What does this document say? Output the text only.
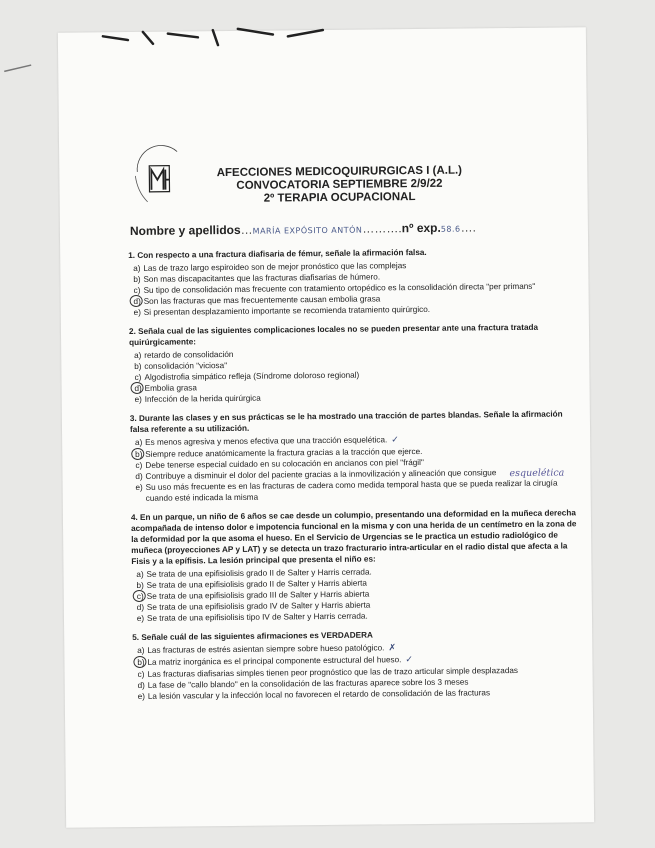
AFECCIONES MEDICOQUIRURGICAS I (A.L.)
CONVOCATORIA SEPTIEMBRE 2/9/22
2º TERAPIA OCUPACIONAL
Nombre y apellidos…MARÍA EXPÓSITO ANTÓN……….nº exp.58.6….
esquelética
1. Con respecto a una fractura diafisaria de fémur, señale la afirmación falsa.
a) Las de trazo largo espiroideo son de mejor pronóstico que las complejas
b) Son mas discapacitantes que las fracturas diafisarias de húmero.
c) Su tipo de consolidación mas frecuente con tratamiento ortopédico es la consolidación directa "per primans"
d) Son las fracturas que mas frecuentemente causan embolia grasa
e) Si presentan desplazamiento importante se recomienda tratamiento quirúrgico.
2. Señala cual de las siguientes complicaciones locales no se pueden presentar ante una fractura tratada quirúrgicamente:
a) retardo de consolidación
b) consolidación "viciosa"
c) Algodistrofia simpático refleja (Síndrome doloroso regional)
d) Embolia grasa
e) Infección de la herida quirúrgica
3. Durante las clases y en sus prácticas se le ha mostrado una tracción de partes blandas. Señale la afirmación falsa referente a su utilización.
a) Es menos agresiva y menos efectiva que una tracción esquelética. ✓
b) Siempre reduce anatómicamente la fractura gracias a la tracción que ejerce.
c) Debe tenerse especial cuidado en su colocación en ancianos con piel "frágil"
d) Contribuye a disminuir el dolor del paciente gracias a la inmovilización y alineación que consigue
e) Su uso más frecuente es en las fracturas de cadera como medida temporal hasta que se pueda realizar la cirugía cuando esté indicada la misma
4. En un parque, un niño de 6 años se cae desde un columpio, presentando una deformidad en la muñeca derecha acompañada de intenso dolor e impotencia funcional en la misma y con una herida de un centímetro en la zona de la deformidad por la que asoma el hueso. En el Servicio de Urgencias se le practica un estudio radiológico de muñeca (proyecciones AP y LAT) y se detecta un trazo fracturario intra-articular en el radio distal que afecta a la Fisis y a la epífisis. La lesión principal que presenta el niño es:
a) Se trata de una epifisiolisis grado II de Salter y Harris cerrada.
b) Se trata de una epifisiolisis grado II de Salter y Harris abierta
c) Se trata de una epifisiolisis grado III de Salter y Harris abierta
d) Se trata de una epifisiolisis grado IV de Salter y Harris abierta
e) Se trata de una epifisiolisis tipo IV de Salter y Harris cerrada.
5. Señale cuál de las siguientes afirmaciones es VERDADERA
a) Las fracturas de estrés asientan siempre sobre hueso patológico. ✗
b) La matriz inorgánica es el principal componente estructural del hueso. ✓
c) Las fracturas diafisarias simples tienen peor prognóstico que las de trazo articular simple desplazadas
d) La fase de "callo blando" en la consolidación de las fracturas aparece sobre los 3 meses
e) La lesión vascular y la infección local no favorecen el retardo de consolidación de las fracturas
